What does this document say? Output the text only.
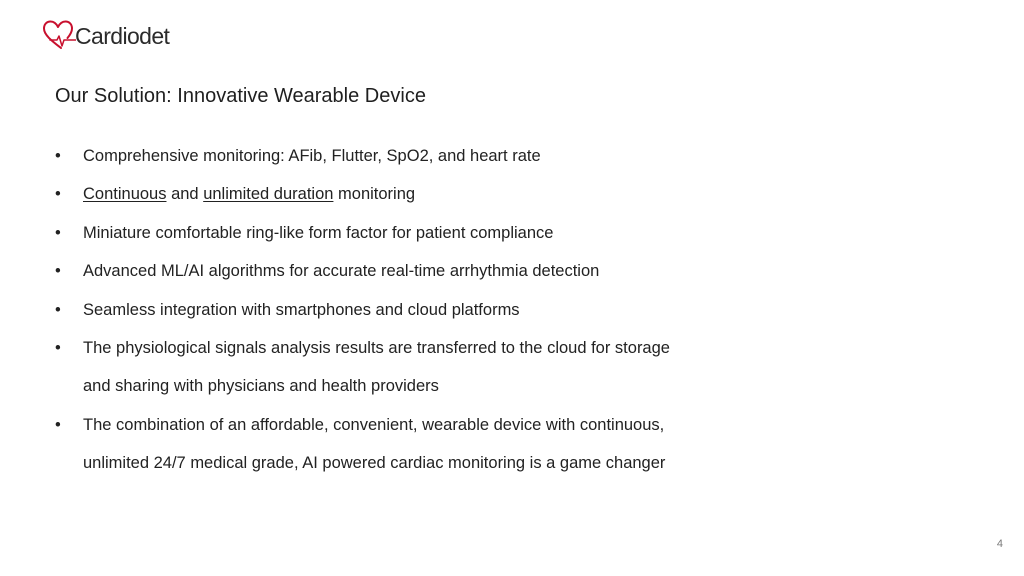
Cardiodet
Our Solution: Innovative Wearable Device
•	Comprehensive monitoring: AFib, Flutter, SpO2, and heart rate
•	Continuous and unlimited duration monitoring
•	Miniature comfortable ring-like form factor for patient compliance
•	Advanced ML/AI algorithms for accurate real-time arrhythmia detection
•	Seamless integration with smartphones and cloud platforms
•	The physiological signals analysis results are transferred to the cloud for storage
and sharing with physicians and health providers
•	The combination of an affordable, convenient, wearable device with continuous,
unlimited 24/7 medical grade, AI powered cardiac monitoring is a game changer
4
